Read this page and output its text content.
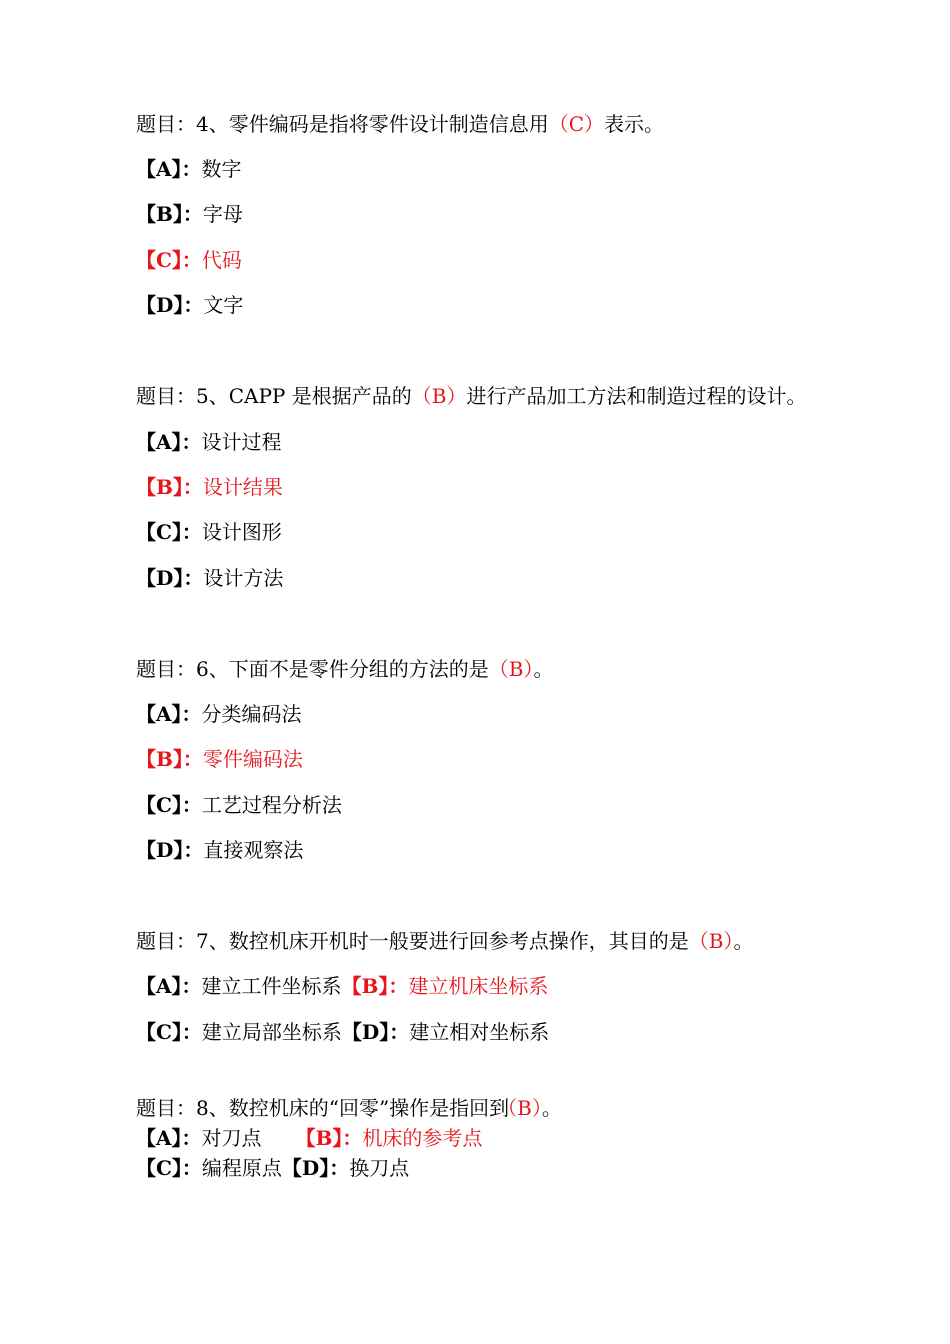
题目：4、零件编码是指将零件设计制造信息用（C）表示。
【A】：数字
【B】：字母
【C】：代码
【D】：文字
题目：5、CAPP 是根据产品的（B）进行产品加工方法和制造过程的设计。
【A】：设计过程
【B】：设计结果
【C】：设计图形
【D】：设计方法
题目：6、下面不是零件分组的方法的是（B）。
【A】：分类编码法
【B】：零件编码法
【C】：工艺过程分析法
【D】：直接观察法
题目：7、数控机床开机时一般要进行回参考点操作，其目的是（B）。
【A】：建立工件坐标系【B】：建立机床坐标系
【C】：建立局部坐标系【D】：建立相对坐标系
题目：8、数控机床的“回零”操作是指回到（B）。
【A】：对刀点 【B】：机床的参考点
【C】：编程原点【D】：换刀点
